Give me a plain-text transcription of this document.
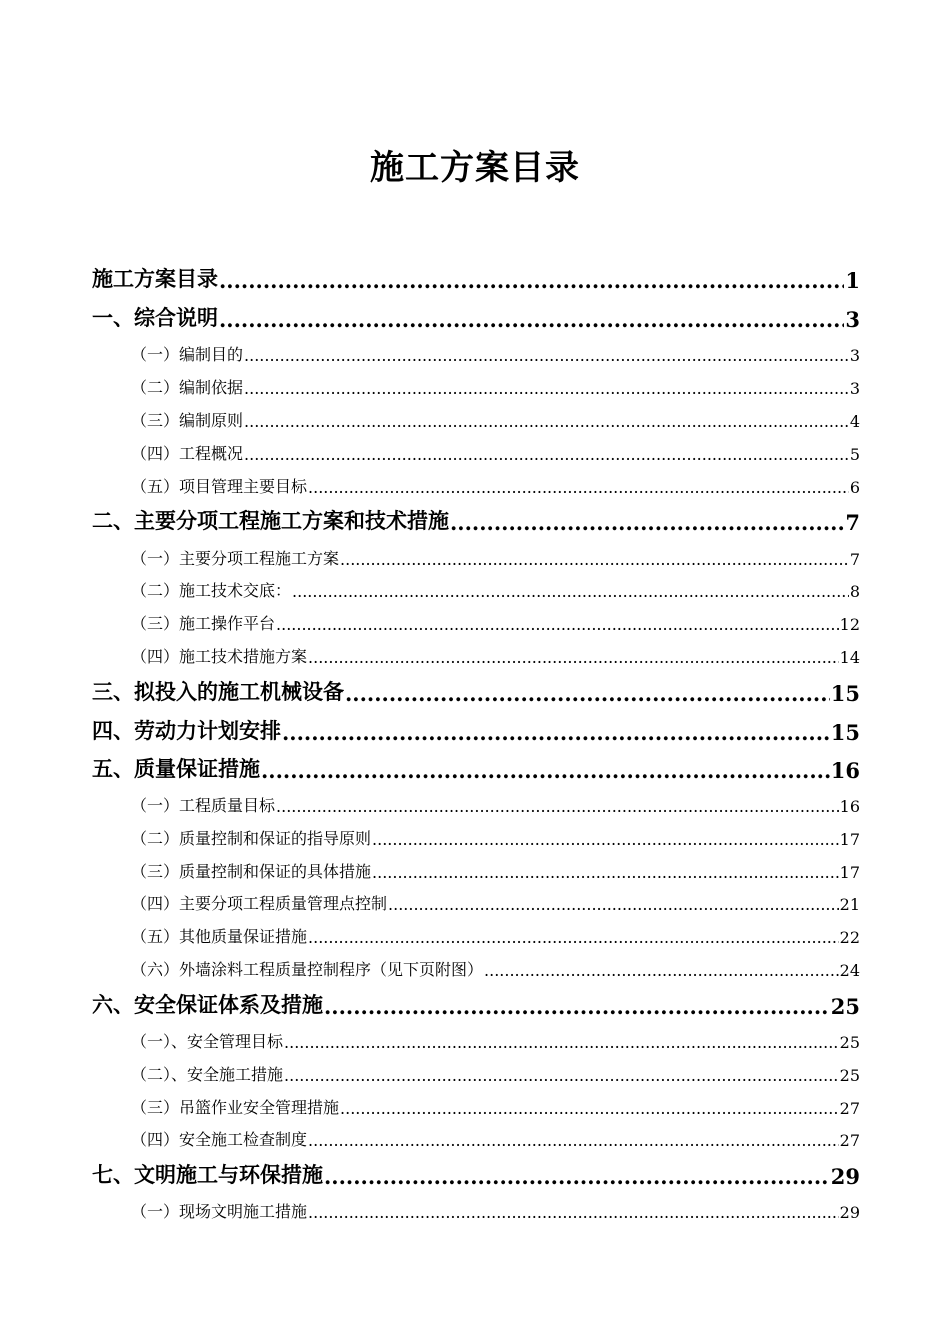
施工方案目录
施工方案目录 .....	1
一、综合说明 .....	3
（一）编制目的 .....	3
（二）编制依据 .....	3
（三）编制原则 .....	4
（四）工程概况 .....	5
（五）项目管理主要目标 .....	6
二、主要分项工程施工方案和技术措施 .....	7
（一）主要分项工程施工方案 .....	7
（二）施工技术交底： .....	8
（三）施工操作平台 .....	12
（四）施工技术措施方案 .....	14
三、拟投入的施工机械设备 .....	15
四、劳动力计划安排 .....	15
五、质量保证措施 .....	16
（一）工程质量目标 .....	16
（二）质量控制和保证的指导原则 .....	17
（三）质量控制和保证的具体措施 .....	17
（四）主要分项工程质量管理点控制 .....	21
（五）其他质量保证措施 .....	22
（六）外墙涂料工程质量控制程序（见下页附图） .....	24
六、安全保证体系及措施 .....	25
（一）、安全管理目标 .....	25
（二）、安全施工措施 .....	25
（三）吊篮作业安全管理措施 .....	27
（四）安全施工检查制度 .....	27
七、文明施工与环保措施 .....	29
（一）现场文明施工措施 .....	29
